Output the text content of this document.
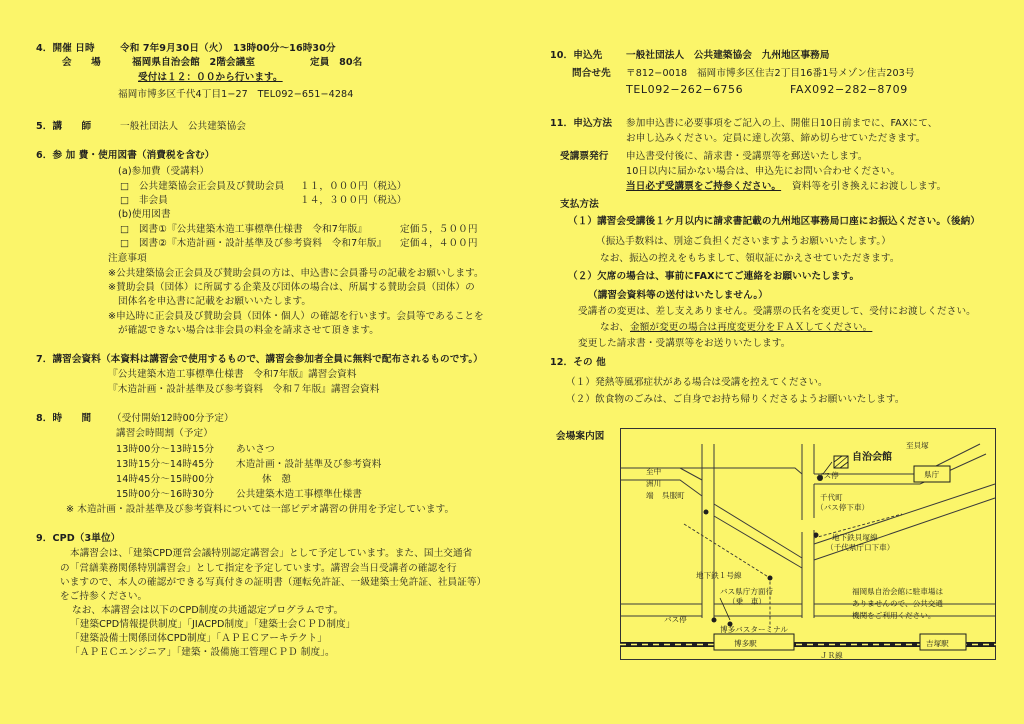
4．開催 日時	令和 7年9月30日（火）　13時00分〜16時30分
会　　場	福岡県自治会館　2階会議室	定員　80名
受付は１２：００から行います。
福岡市博多区千代4丁目1−27　TEL092−651−4284
5．講　　師	一般社団法人　公共建築協会
6．参 加 費・使用図書（消費税を含む）
(a)参加費（受講料）
□　公共建築協会正会員及び賛助会員 １１，０００円（税込）
□　非会員	１４，３００円（税込）
(b)使用図書
□　図書①『公共建築木造工事標準仕様書　令和7年版』	定価５，５００円
□　図書②『木造計画・設計基準及び参考資料　令和7年版』 定価４，４００円
注意事項
※公共建築協会正会員及び賛助会員の方は、申込書に会員番号の記載をお願いします。
※賛助会員（団体）に所属する企業及び団体の場合は、所属する賛助会員（団体）の
団体名を申込書に記載をお願いいたします。
※申込時に正会員及び賛助会員（団体・個人）の確認を行います。会員等であることを
が確認できない場合は非会員の料金を請求させて頂きます。
7．講習会資料（本資料は講習会で使用するもので、講習会参加者全員に無料で配布されるものです。）
『公共建築木造工事標準仕様書　令和7年版』講習会資料
『木造計画・設計基準及び参考資料　令和７年版』講習会資料
8．時　　間 （受付開始12時00分予定）
講習会時間割（予定）
13時00分〜13時15分 あいさつ
13時15分〜14時45分 木造計画・設計基準及び参考資料
14時45分〜15時00分	休　憩
15時00分〜16時30分 公共建築木造工事標準仕様書
※ 木造計画・設計基準及び参考資料については一部ビデオ講習の併用を予定しています。
9．CPD（3単位）
本講習会は、「建築CPD運営会議特別認定講習会」として予定しています。また、国土交通省
の「営繕業務関係特別講習会」として指定を予定しています。講習会当日受講者の確認を行
いますので、本人の確認ができる写真付きの証明書（運転免許証、一級建築士免許証、社員証等）
をご持参ください。
なお、本講習会は以下のCPD制度の共通認定プログラムです。
「建築CPD情報提供制度」「JIACPD制度」「建築士会ＣＰＤ制度」
「建築設備士関係団体CPD制度」「ＡＰＥＣアーキテクト」
「ＡＰＥＣエンジニア」「建築・設備施工管理ＣＰＤ 制度」。
10．申込先 一般社団法人　公共建築協会　九州地区事務局
問合せ先 〒812−0018　福岡市博多区住吉2丁目16番1号メゾン住吉203号
TEL092−262−6756	FAX092−282−8709
11．申込方法 参加申込書に必要事項をご記入の上、開催日10日前までに、FAXにて、
お申し込みください。定員に達し次第、締め切らせていただきます。
受講票発行 申込書受付後に、請求書・受講票等を郵送いたします。
10日以内に届かない場合は、申込先にお問い合わせください。
当日必ず受講票をご持参ください。 資料等を引き換えにお渡しします。
支払方法
（１）講習会受講後１ケ月以内に請求書記載の九州地区事務局口座にお振込ください。（後納）
（振込手数料は、別途ご負担くださいますようお願いいたします。）
なお、振込の控えをもちまして、領収証にかえさせていただきます。
（２）欠席の場合は、事前にFAXにてご連絡をお願いいたします。
（講習会資料等の送付はいたしません。）
受講者の変更は、差し支えありません。受講票の氏名を変更して、受付にお渡しください。
なお、 金額が変更の場合は再度変更分をＦＡＸしてください。
変更した請求書・受講票等をお送りいたします。
12．その 他
（１）発熱等風邪症状がある場合は受講を控えてください。
（２）飲食物のごみは、ご自身でお持ち帰りくださるようお願いいたします。
会場案内図
自治会館
至貝塚
バス停	県庁
至中
洲川
端 呉服町	千代町
（バス停下車）
地下鉄貝塚線
（千代県庁口下車）
地下鉄１号線
バス県庁方面行
（乗　車）
バス停
博多バスターミナル
博多駅	吉塚駅
ＪＲ線
福岡県自治会館に駐車場は
ありませんので、公共交通
機関をご利用ください。
